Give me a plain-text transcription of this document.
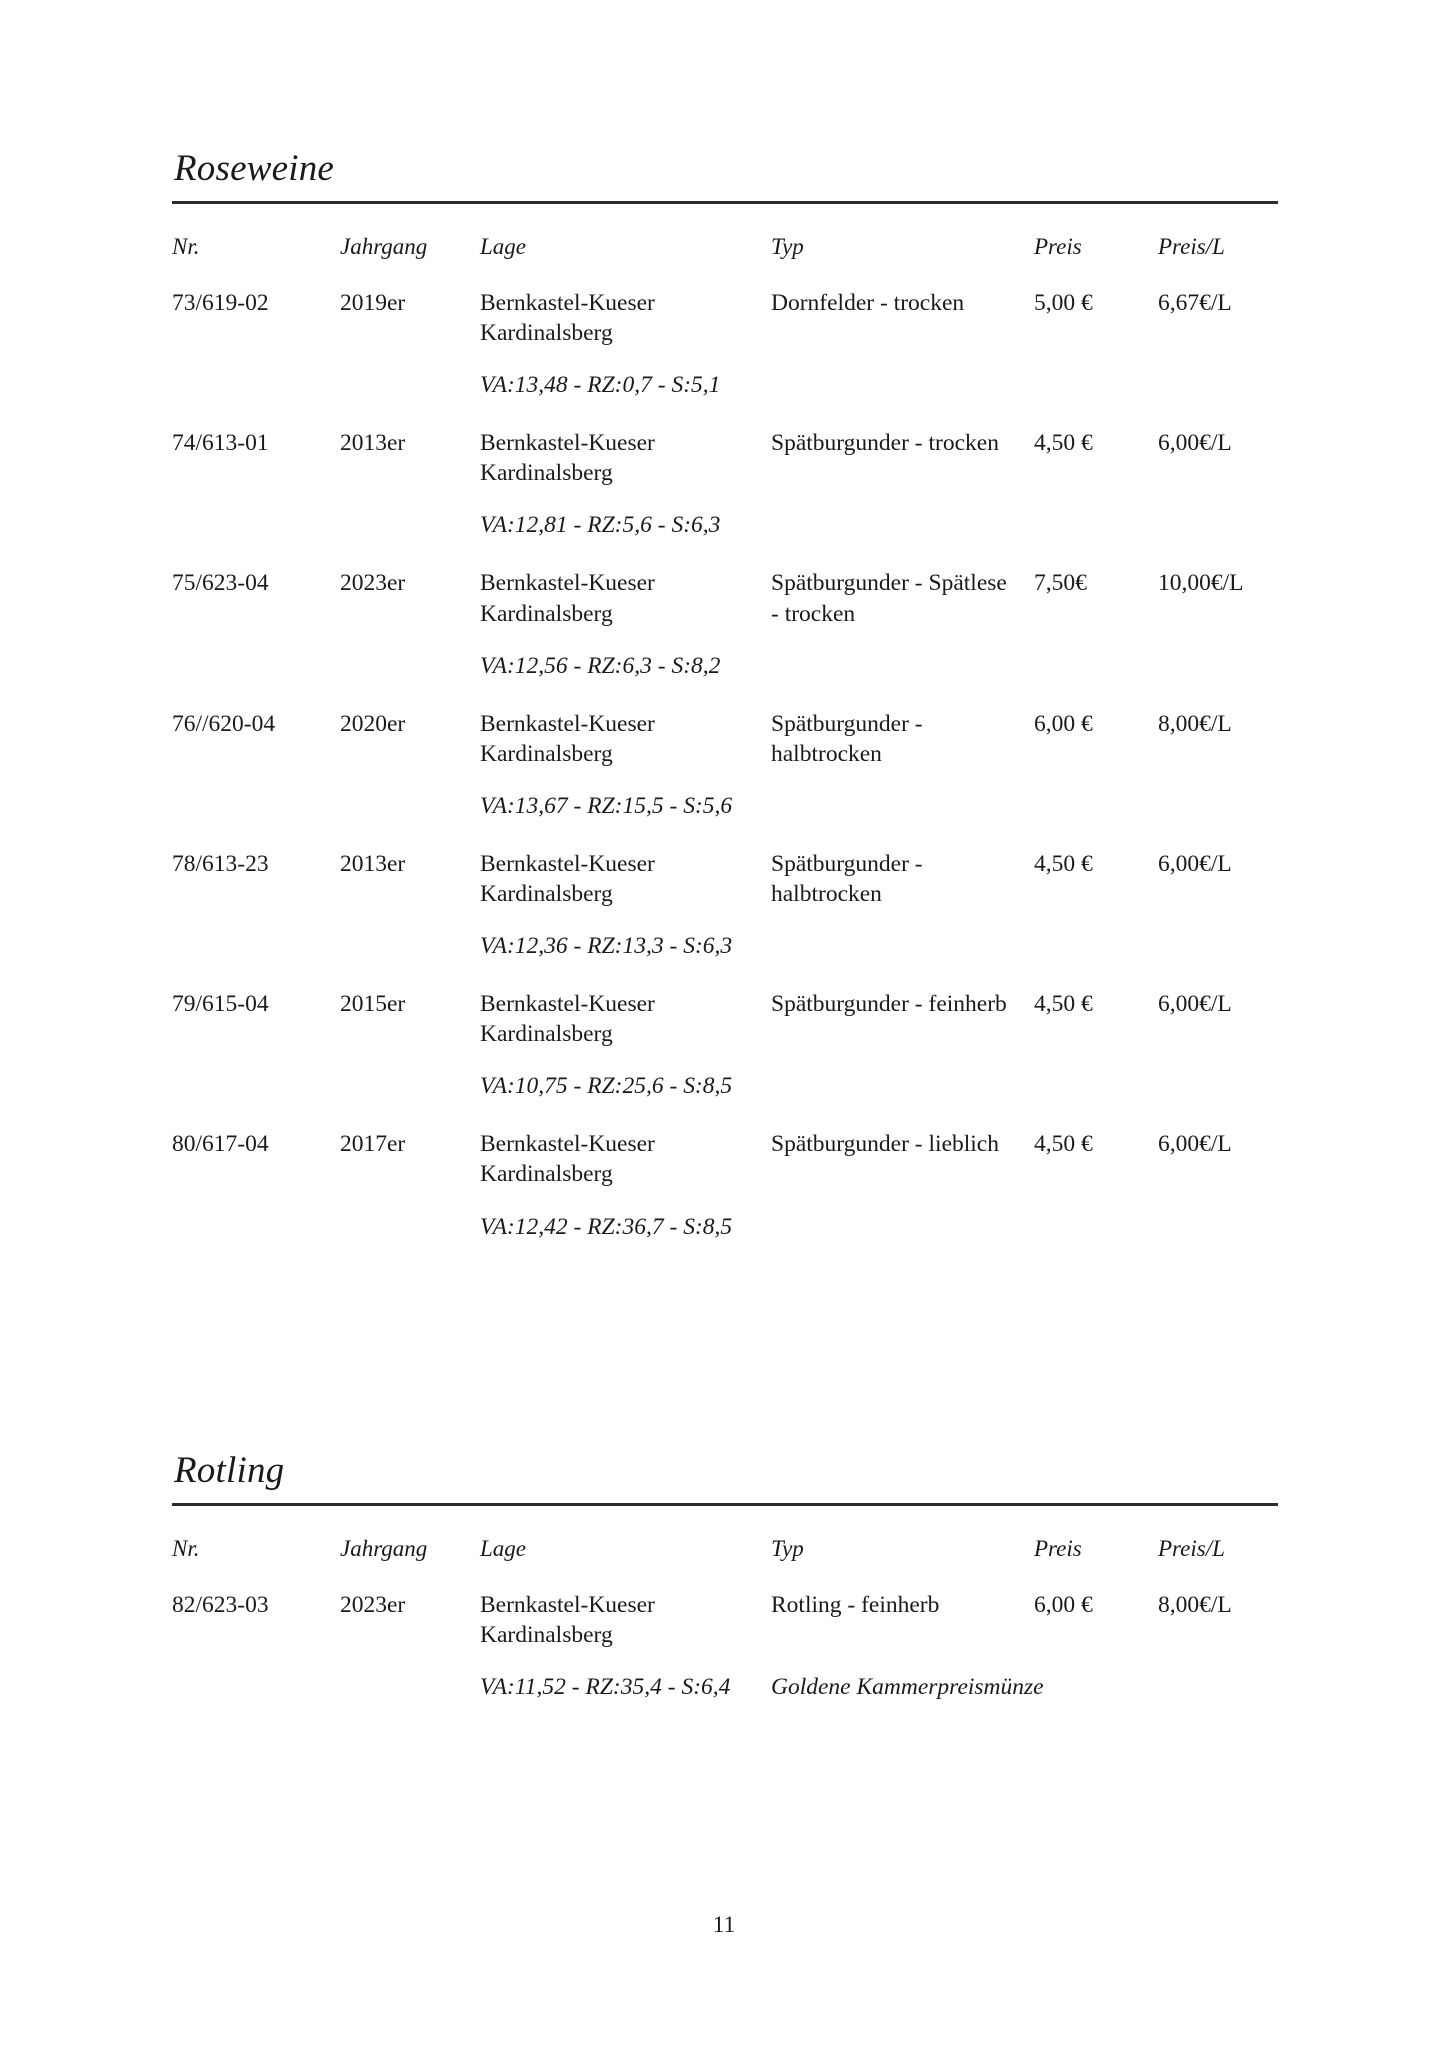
Roseweine
Nr.	Jahrgang	Lage	Typ	Preis	Preis/L
73/619-02	2019er	Bernkastel-Kueser Kardinalsberg	Dornfelder - trocken	5,00 €	6,67€/L
		VA:13,48 - RZ:0,7 - S:5,1			
74/613-01	2013er	Bernkastel-Kueser Kardinalsberg	Spätburgunder - trocken	4,50 €	6,00€/L
		VA:12,81 - RZ:5,6 - S:6,3			
75/623-04	2023er	Bernkastel-Kueser Kardinalsberg	Spätburgunder - Spätlese - trocken	7,50€	10,00€/L
		VA:12,56 - RZ:6,3 - S:8,2			
76//620-04	2020er	Bernkastel-Kueser Kardinalsberg	Spätburgunder - halbtrocken	6,00 €	8,00€/L
		VA:13,67 - RZ:15,5 - S:5,6			
78/613-23	2013er	Bernkastel-Kueser Kardinalsberg	Spätburgunder - halbtrocken	4,50 €	6,00€/L
		VA:12,36 - RZ:13,3 - S:6,3			
79/615-04	2015er	Bernkastel-Kueser Kardinalsberg	Spätburgunder - feinherb	4,50 €	6,00€/L
		VA:10,75 - RZ:25,6 - S:8,5			
80/617-04	2017er	Bernkastel-Kueser Kardinalsberg	Spätburgunder - lieblich	4,50 €	6,00€/L
		VA:12,42 - RZ:36,7 - S:8,5			
Rotling
Nr.	Jahrgang	Lage	Typ	Preis	Preis/L
82/623-03	2023er	Bernkastel-Kueser Kardinalsberg	Rotling - feinherb	6,00 €	8,00€/L
		VA:11,52 - RZ:35,4 - S:6,4	Goldene Kammerpreismünze		
11
